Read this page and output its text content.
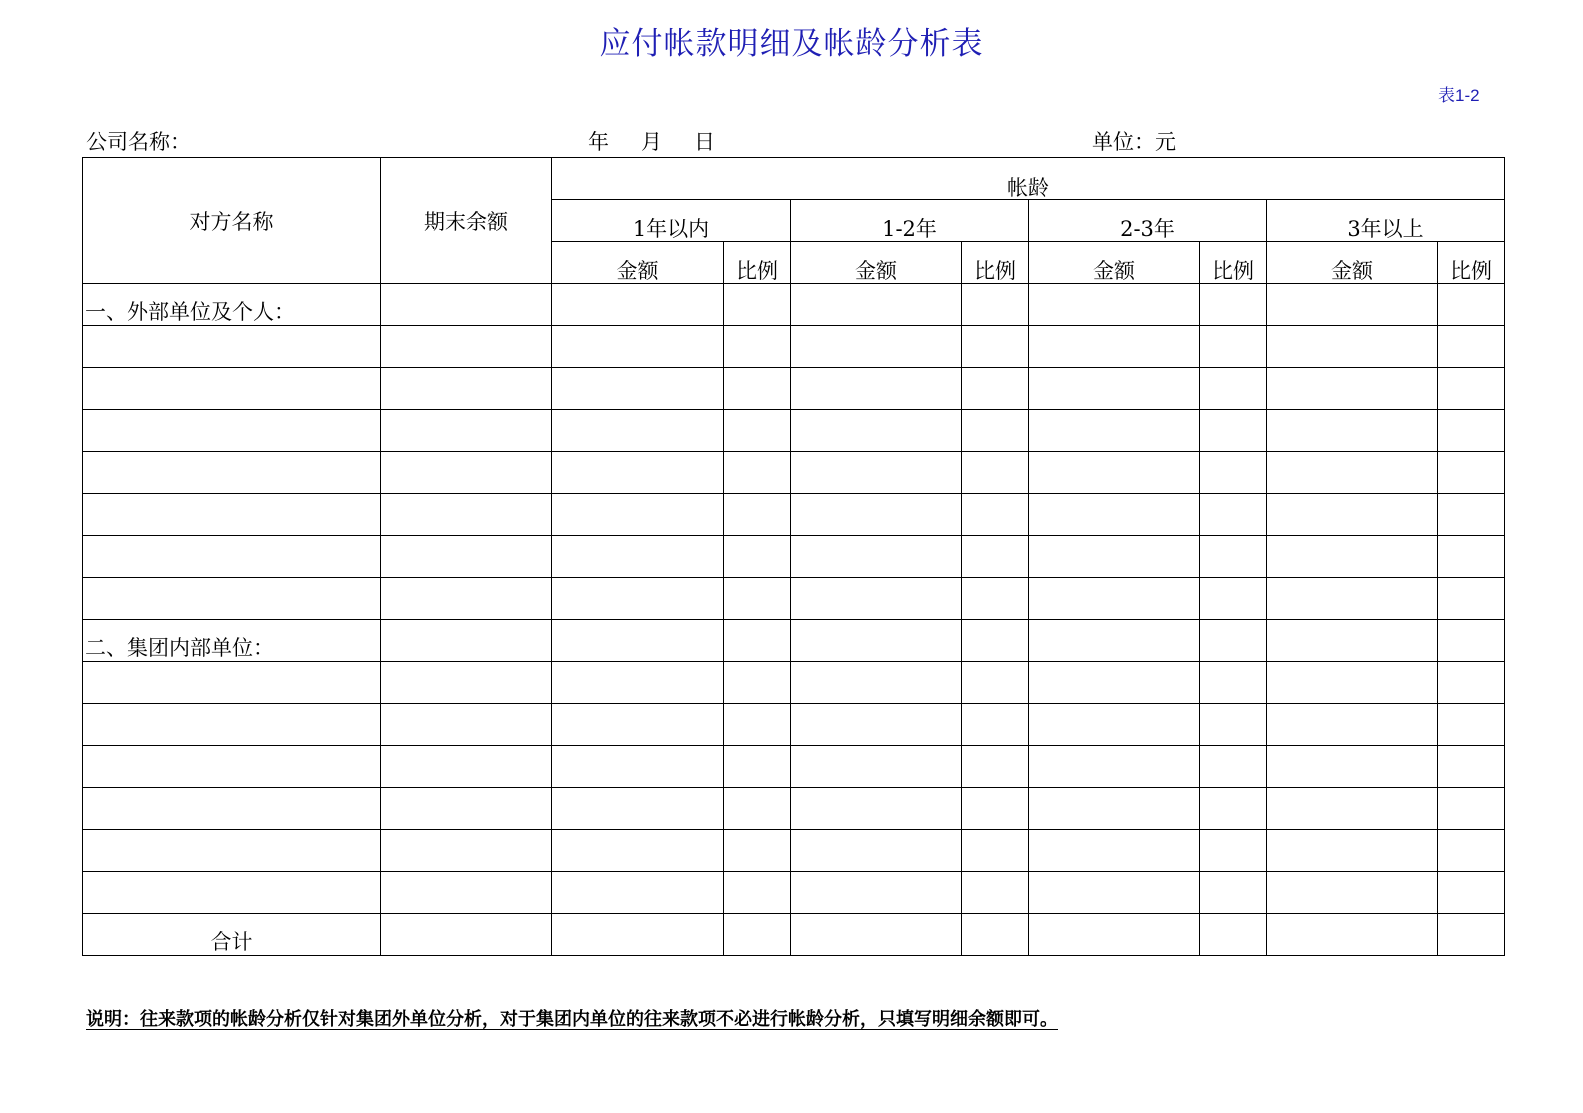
应付帐款明细及帐龄分析表
表1-2
公司名称：	年 月 日	单位：元
对方名称	期末余额	帐龄							
		1年以内		1-2年		2-3年		3年以上	
		金额	比例	金额	比例	金额	比例	金额	比例
一、外部单位及个人：									

二、集团内部单位：									

合计									
说明：往来款项的帐龄分析仅针对集团外单位分析，对于集团内单位的往来款项不必进行帐龄分析，只填写明细余额即可。
